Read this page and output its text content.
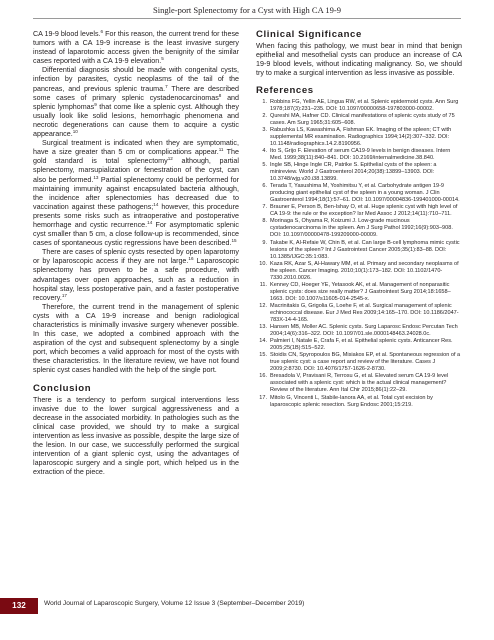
Single-port Splenectomy for a Cyst with High CA 19-9

CA 19-9 blood levels.$^6$ For this reason, the current trend for these tumors with a CA 19-9 increase is the least invasive surgery instead of laparotomic access given the benignity of the similar cases reported with a CA 19-9 elevation.$^5$

Differential diagnosis should be made with congenital cysts, infection by parasites, cystic neoplasms of the tail of the pancreas, and previous splenic trauma.$^7$ There are described some cases of primary splenic cystadenocarcinomas$^8$ and splenic lymphomas$^9$ that come like a splenic cyst. Although they usually look like solid lesions, hemorrhagic phenomena and necrotic degenerations can cause them to acquire a cystic appearance.$^{10}$

Surgical treatment is indicated when they are symptomatic, have a size greater than 5 cm or complications appear.$^{11}$ The gold standard is total splenectomy$^{12}$ although, partial splenectomy, marsupialization or fenestration of the cyst, can also be performed.$^{13}$ Partial splenectomy could be performed for maintaining immunity against encapsulated bacteria although, the incidence after splenectomies has decreased due to vaccination against these pathogens;$^{14}$ however, this procedure presents some risks such as intraoperative and postoperative hemorrhage and cystic recurrence.$^{14}$ For asymptomatic splenic cyst smaller than 5 cm, a close follow-up is recommended, since cases of spontaneous cystic regressions have been described.$^{15}$

There are cases of splenic cysts resected by open laparotomy or by laparoscopic access if they are not large.$^{16}$ Laparoscopic splenectomy has proven to be a safe procedure, with advantages over open approaches, such as a reduction in hospital stay, less postoperative pain, and a faster postoperative recovery.$^{17}$

Therefore, the current trend in the management of splenic cysts with a CA 19-9 increase and benign radiological characteristics is minimally invasive surgery whenever possible. In this case, we adopted a combined approach with the aspiration of the cyst and subsequent splenectomy by a single port, which becomes a valid approach for most of the cysts with these characteristics. In the literature review, we have not found splenic cyst cases handled with the help of the single port.

Conclusion

There is a tendency to perform surgical interventions less invasive due to the lower surgical aggressiveness and a decrease in the associated morbidity. In pathologies such as the clinical case provided, we should try to make a surgical intervention as less invasive as possible, despite the large size of the lesion. In our case, we successfully performed the surgical intervention of a giant splenic cyst, using the advantages of laparoscopic surgery and a single port, which helped us in the extraction of the piece.

Clinical Significance

When facing this pathology, we must bear in mind that benign epithelial and mesothelial cysts can produce an increase of CA 19-9 blood levels, without indicating malignancy. So, we should try to make a surgical intervention as less invasive as possible.

References
1. Robbins FG, Yellin AE, Lingua RW, et al. Splenic epidermoid cysts. Ann Surg 1978;187(3):231–235. DOI: 10.1097/00000658-197803000-00002.
2. Qureshi MA, Hafner CD. Clinical manifestations of splenic cysts study of 75 cases. Am Surg 1965;31:605–608.
3. Rabushka LS, Kawashima A, Fishman EK. Imaging of the spleen; CT with supplemental MR examination. Radiographics 1994;14(2):307–332. DOI: 10.1148/radiographics.14.2.8190956.
4. Ito S, Grijo F. Elevation of serum CA19-9 levels in benign diseases. Intern Med. 1999;38(11):840–841. DOI: 10.2169/internalmedicine.38.840.
5. Ingle SB, Hinge Ingle CR, Patrike S. Epithelial cysts of the spleen: a minireview. World J Gastroenterol 2014;20(38):13899–13903. DOI: 10.3748/wjg.v20.i38.13899.
6. Terada T, Yasushima M, Yoshimitsu Y, et al. Carbohydrate antigen 19-9 producing giant epithelial cyst of the spleen in a young woman. J Clin Gastroenterol 1994;18(1):57–61. DOI: 10.1097/00004836-199401000-00014.
7. Brauner E, Person B, Ben-Ishay O, et al. Huge splenic cyst with high level of CA 19-9: the rule or the exception? Isr Med Assoc J 2012;14(11):710–711.
8. Morinaga S, Ohyama R, Koizumi J. Low-grade mucinous cystadenocarcinoma in the spleen. Am J Surg Pathol 1992;16(9):903–908. DOI: 10.1097/00000478-199209000-00009.
9. Takabe K, Al-Refaie W, Chin B, et al. Can large B-cell lymphoma mimic cystic lesions of the spleen? Int J Gastrointest Cancer 2005;35(1):83–88. DOI: 10.1385/IJGC:35:1:083.
10. Kaza RK, Azar S, Al-Hawary MM, et al. Primary and secondary neoplasms of the spleen. Cancer Imaging. 2010;10(1):173–182. DOI: 10.1102/1470-7330.2010.0026.
11. Kenney CD, Hoeger YE, Yetasook AK, et al. Management of nonparasitic splenic cysts: does size really matter? J Gastrointest Surg 2014;18:1658–1663. DOI: 10.1007/s11605-014-2545-x.
12. Macrinitakis G, Grigolia G, Loehe F, et al. Surgical management of splenic echinococcal disease. Eur J Med Res 2009;14:165–170. DOI: 10.1186/2047-783X-14-4-165.
13. Hansen MB, Moller AC. Splenic cysts. Surg Laparosc Endosc Percutan Tech 2004;14(6):316–322. DOI: 10.1097/01.sle.0000148463.24028.0c.
14. Palmieri I, Natale E, Crafa F, et al. Epithelial splenic cysts. Anticancer Res. 2005;25(1B):515–522.
15. Stoidis CN, Spyropoulos BG, Misiakos EP, et al. Spontaneous regression of a true splenic cyst: a case report and review of the literature. Cases J 2009;2:8730. DOI: 10.4076/1757-1626-2-8730.
16. Bresadola V, Pravisani R, Terrosu G, et al. Elevated serum CA 19-9 level associated with a splenic cyst: which is the actual clinical management? Review of the literature. Ann Ital Chir 2015;86(1):22–29.
17. Mitolo G, Vincenti L, Stabile-Ianora AA, et al. Total cyst excision by laparoscopic splenic resection. Surg Endosc 2001;15:219.
132	World Journal of Laparoscopic Surgery, Volume 12 Issue 3 (September–December 2019)
